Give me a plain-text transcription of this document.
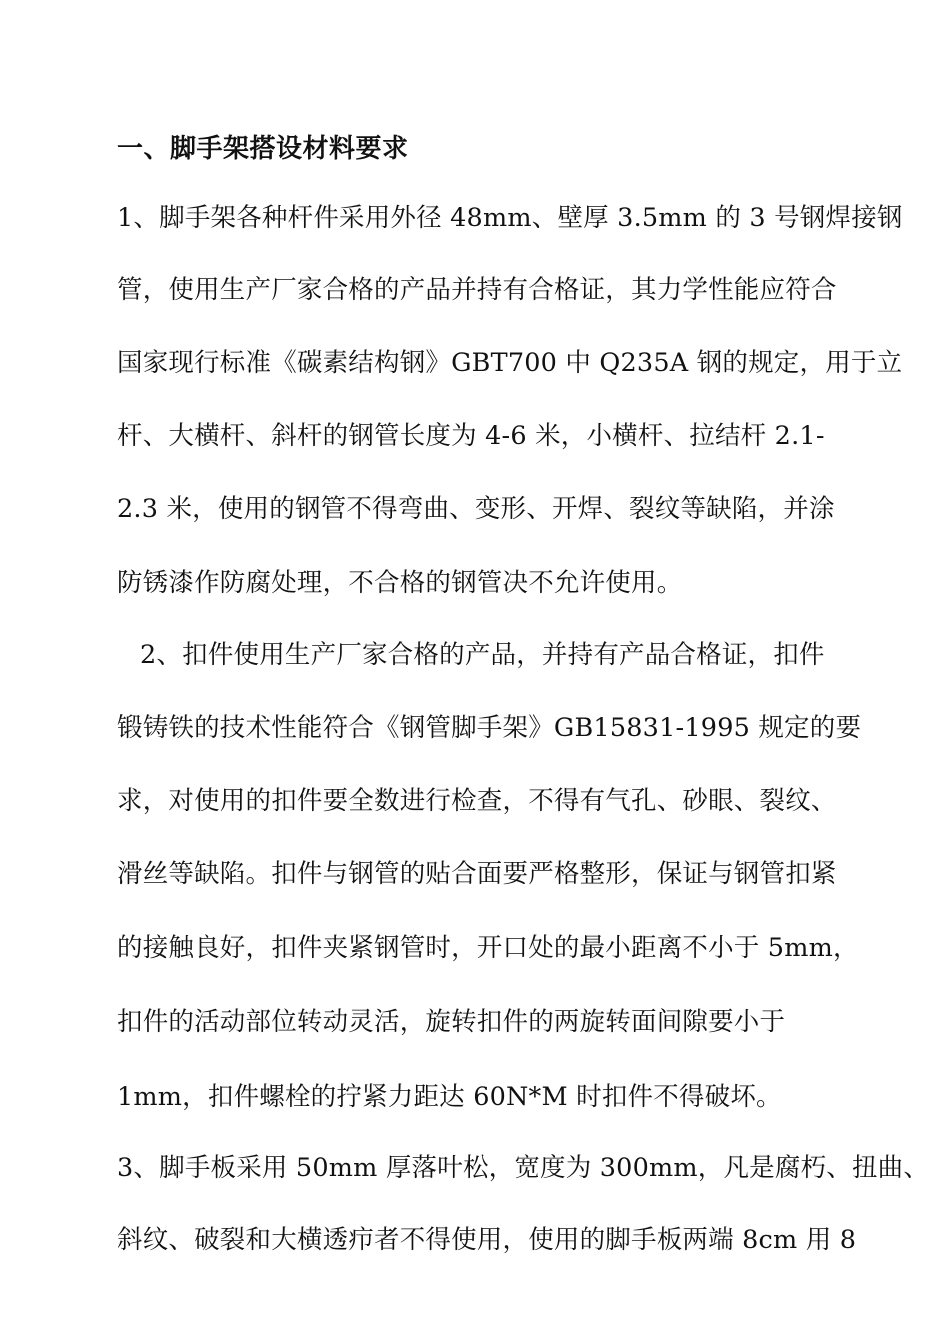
一、脚手架搭设材料要求
1、脚手架各种杆件采用外径 48mm、壁厚 3.5mm 的 3 号钢焊接钢
管，使用生产厂家合格的产品并持有合格证，其力学性能应符合
国家现行标准《碳素结构钢》GBT700 中 Q235A 钢的规定，用于立
杆、大横杆、斜杆的钢管长度为 4-6 米，小横杆、拉结杆 2.1-
2.3 米，使用的钢管不得弯曲、变形、开焊、裂纹等缺陷，并涂
防锈漆作防腐处理，不合格的钢管决不允许使用。
2、扣件使用生产厂家合格的产品，并持有产品合格证，扣件
锻铸铁的技术性能符合《钢管脚手架》GB15831-1995 规定的要
求，对使用的扣件要全数进行检查，不得有气孔、砂眼、裂纹、
滑丝等缺陷。扣件与钢管的贴合面要严格整形，保证与钢管扣紧
的接触良好，扣件夹紧钢管时，开口处的最小距离不小于 5mm，
扣件的活动部位转动灵活，旋转扣件的两旋转面间隙要小于
1mm，扣件螺栓的拧紧力距达 60N*M 时扣件不得破坏。
3、脚手板采用 50mm 厚落叶松，宽度为 300mm，凡是腐朽、扭曲、
斜纹、破裂和大横透疖者不得使用，使用的脚手板两端 8cm 用 8
